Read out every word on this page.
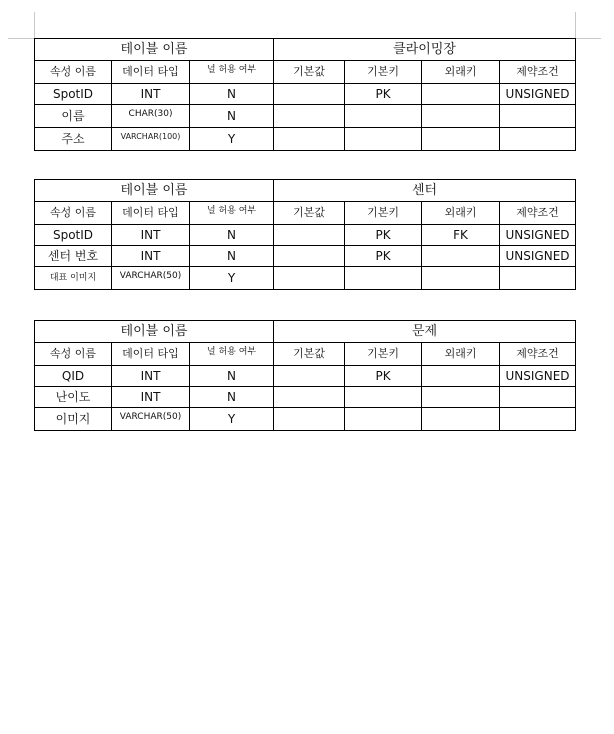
테이블 이름			클라이밍장			
속성 이름	데이터 타입	널 허용 여부	기본값	기본키	외래키	제약조건
SpotID	INT	N		PK		UNSIGNED
이름	CHAR(30)	N				
주소	VARCHAR(100)	Y				
테이블 이름			센터			
속성 이름	데이터 타입	널 허용 여부	기본값	기본키	외래키	제약조건
SpotID	INT	N		PK	FK	UNSIGNED
센터 번호	INT	N		PK		UNSIGNED
대표 이미지	VARCHAR(50)	Y				
테이블 이름			문제			
속성 이름	데이터 타입	널 허용 여부	기본값	기본키	외래키	제약조건
QID	INT	N		PK		UNSIGNED
난이도	INT	N				
이미지	VARCHAR(50)	Y				
